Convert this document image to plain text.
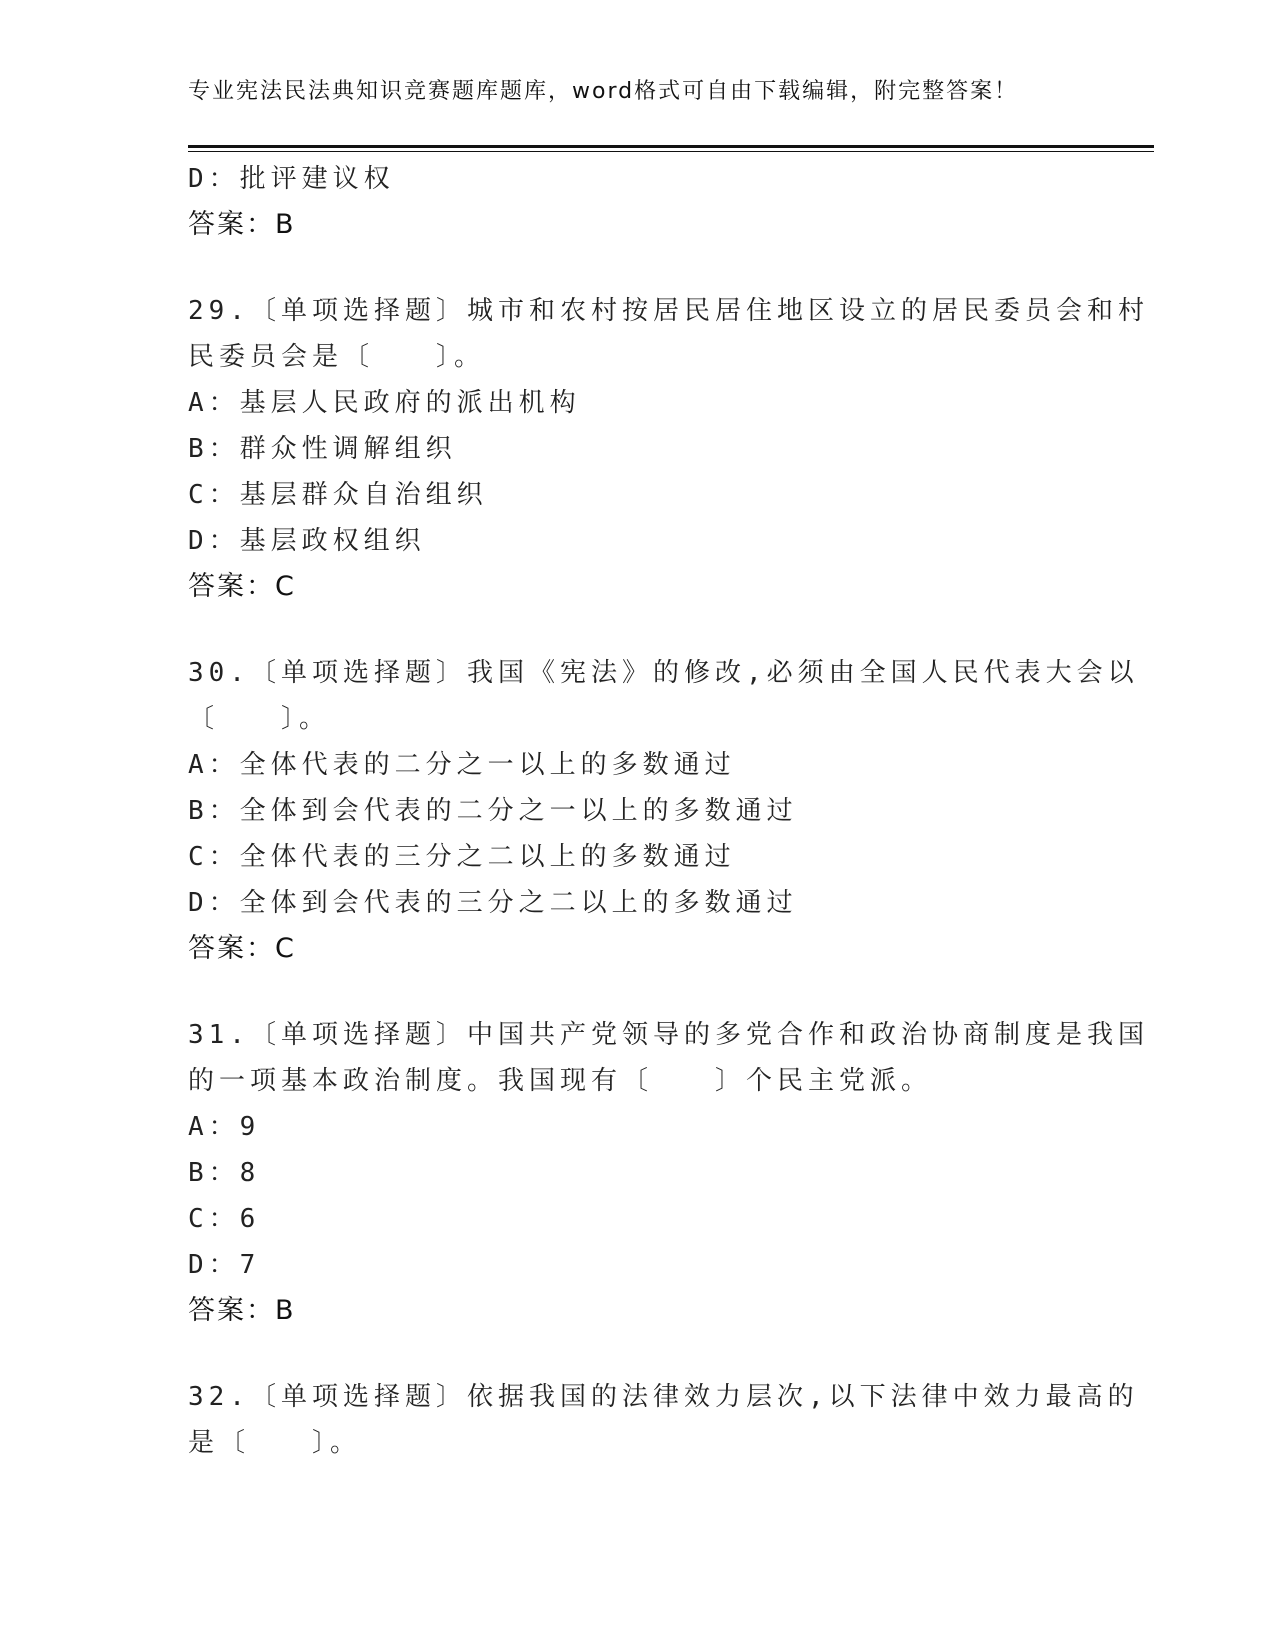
专业宪法民法典知识竞赛题库题库，word格式可自由下载编辑，附完整答案！
D：批评建议权
答案：B
29.〔单项选择题〕城市和农村按居民居住地区设立的居民委员会和村
民委员会是〔　　〕。
A：基层人民政府的派出机构
B：群众性调解组织
C：基层群众自治组织
D：基层政权组织
答案：C
30.〔单项选择题〕我国《宪法》的修改,必须由全国人民代表大会以
〔　　〕。
A：全体代表的二分之一以上的多数通过
B：全体到会代表的二分之一以上的多数通过
C：全体代表的三分之二以上的多数通过
D：全体到会代表的三分之二以上的多数通过
答案：C
31.〔单项选择题〕中国共产党领导的多党合作和政治协商制度是我国
的一项基本政治制度。我国现有〔　　〕个民主党派。
A：9
B：8
C：6
D：7
答案：B
32.〔单项选择题〕依据我国的法律效力层次,以下法律中效力最高的
是〔　　〕。
